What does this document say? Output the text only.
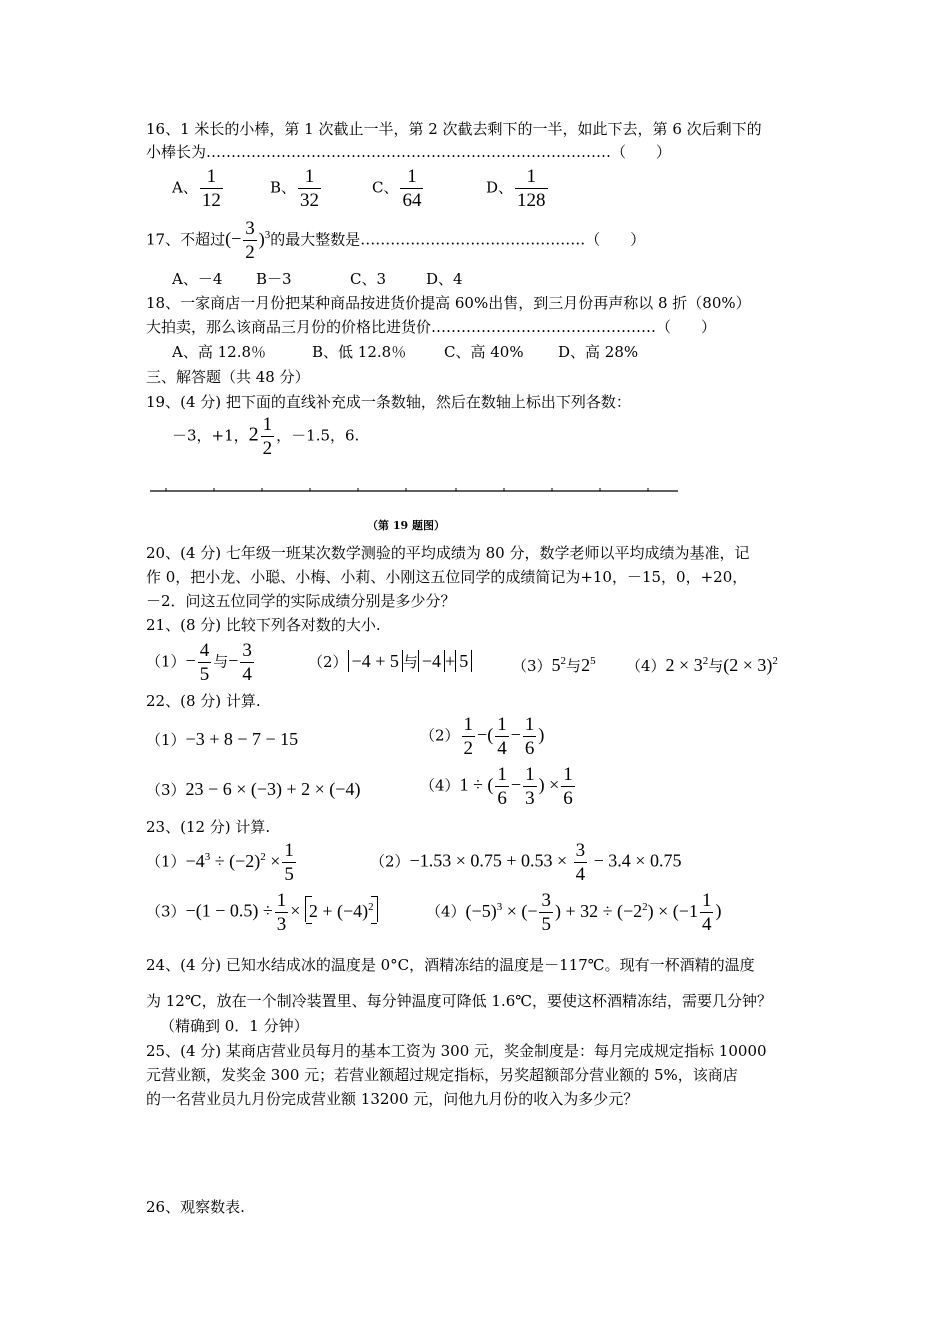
16、1 米长的小棒，第 1 次截止一半，第 2 次截去剩下的一半，如此下去，第 6 次后剩下的
小棒长为………………………………………………………………………（　　）
A、 $\frac{1}{12}$	B、 $\frac{1}{32}$	C、 $\frac{1}{64}$	D、 $\frac{1}{128}$
17、不超过(− $\frac{3}{2} )^3$的最大整数是………………………………………（　　）
A、－4 B－3	C、3	D、4
18、一家商店一月份把某种商品按进货价提高 60%出售，到三月份再声称以 8 折（80%）
大拍卖，那么该商品三月份的价格比进货价………………………………………（　　）
A、高 12.8％	B、低 12.8％	C、高 40% D、高 28%
三、解答题（共 48 分）
19、(4 分) 把下面的直线补充成一条数轴，然后在数轴上标出下列各数：
－3，+1，$2 \frac{1}{2}$ ，－1.5，6.
（第 19 题图）
20、(4 分) 七年级一班某次数学测验的平均成绩为 80 分，数学老师以平均成绩为基准，记
作 0，把小龙、小聪、小梅、小莉、小刚这五位同学的成绩简记为+10，－15，0，+20，
－2．问这五位同学的实际成绩分别是多少分？
21、(8 分) 比较下列各对数的大小.
$(1)- \frac{4}{5}$ 与− $\frac{3}{4}$	（2） −4 + 5 与 −4 + 5	$(3)5^2$与$2^5$ $(4)2 \times 3^2$与$(2 \times 3)^2$
22、(8 分) 计算.
（1）−3 + 8 − 7 − 15	$(2) \frac{1}{2}$ −( $\frac{1}{4} - \frac{1}{6}$ )
（3）23 − 6 × (−3) + 2 × (−4)	（4）1 ÷ ( $\frac{1}{6} - \frac{1}{3}$ ) × $\frac{1}{6}$
23、(12 分) 计算.
$(1)-4^3 \div (-2)^2 \times \frac{1}{5}$	$(2)-1.53 \times 0.75 + 0.53 \times \frac{3}{4} - 3.4 \times 0.75$
$(3)-(1 - 0.5) \div \frac{1}{3} \times 2 + (-4)^2$	$(4)(-5)^3$ × (− $\frac{3}{5}$ ) + $32 \div (-2^2) \times (-1 \frac{1}{4}$ )
24、(4 分) 已知水结成冰的温度是 0°C，酒精冻结的温度是－117℃。现有一杯酒精的温度
为 12℃，放在一个制冷装置里、每分钟温度可降低 1.6℃，要使这杯酒精冻结，需要几分钟？
（精确到 0．1 分钟）
25、(4 分) 某商店营业员每月的基本工资为 300 元，奖金制度是：每月完成规定指标 10000
元营业额，发奖金 300 元；若营业额超过规定指标，另奖超额部分营业额的 5%，该商店
的一名营业员九月份完成营业额 13200 元，问他九月份的收入为多少元？
26、观察数表.
